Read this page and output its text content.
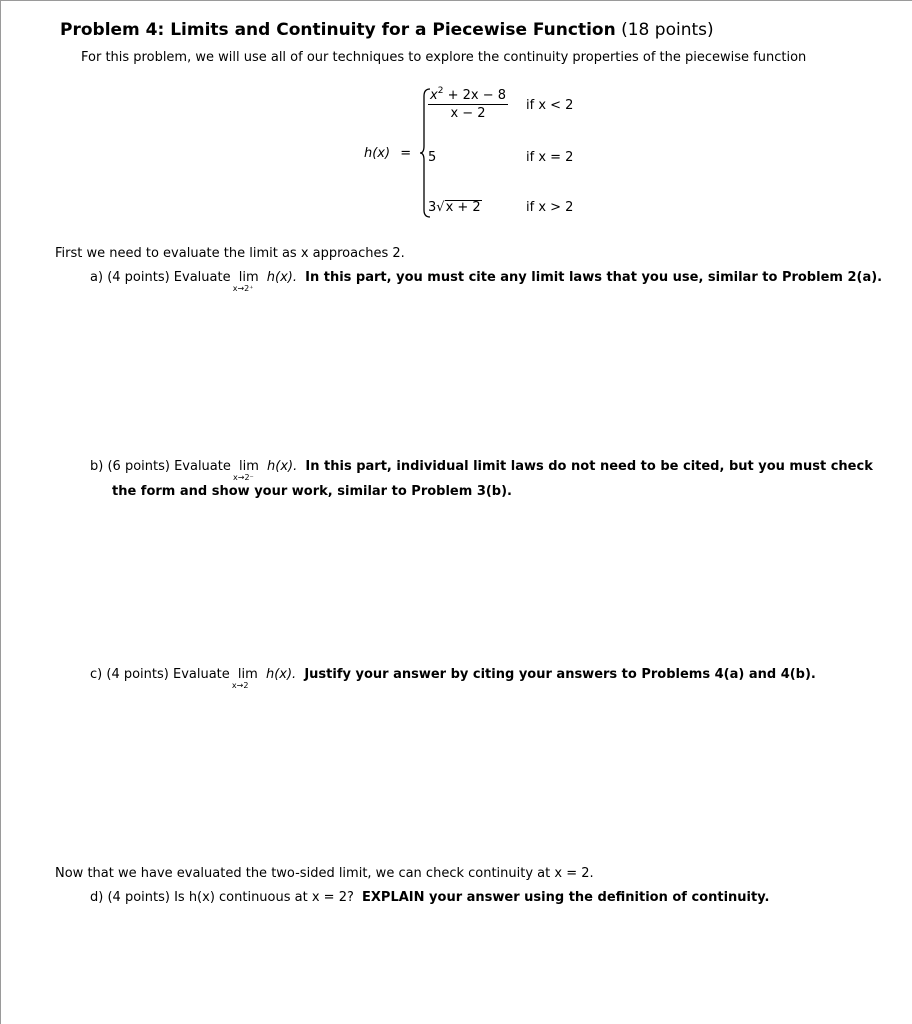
Problem 4: Limits and Continuity for a Piecewise Function (18 points)
For this problem, we will use all of our techniques to explore the continuity properties of the piecewise function
h(x) =
$\frac{x^2 + 2x - 8}{x - 2}$ if x < 2
5	if x = 2
3√x + 2	if x > 2
First we need to evaluate the limit as x approaches 2.
a) (4 points) Evaluate lim
x→2⁺
h(x). In this part, you must cite any limit laws that you use, similar to Problem 2(a).
b) (6 points) Evaluate lim
x→2⁻
h(x). In this part, individual limit laws do not need to be cited, but you must check
the form and show your work, similar to Problem 3(b).
c) (4 points) Evaluate lim
x→2
h(x). Justify your answer by citing your answers to Problems 4(a) and 4(b).
Now that we have evaluated the two-sided limit, we can check continuity at x = 2.
d) (4 points) Is h(x) continuous at x = 2? EXPLAIN your answer using the definition of continuity.
